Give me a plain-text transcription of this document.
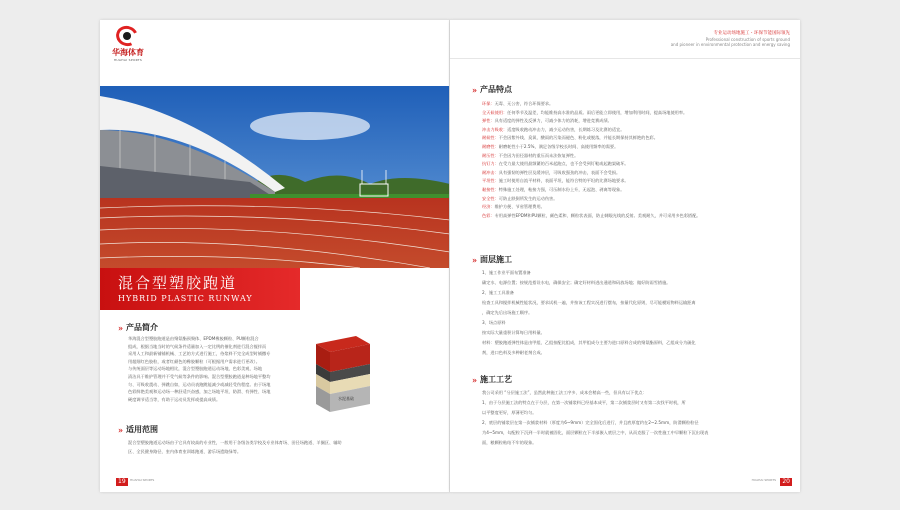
华海体育
HUAHAI SPORTS
混合型塑胶跑道
HYBRID PLASTIC RUNWAY
» 产品简介
华海混合型塑胶跑道是由聚氨酯预聚体、EPDM橡胶颗粒、PU颗粒混合
组成，根据当地当时的气候条件适量加入一定比例的催化剂进行混合搅拌而
采用人工和最新铺铺机械、工艺的方式进行施工，待浆料不完全成型时铺撒专
用超细红色胶粒，或者红颜色的橡胶颗粒（可根据用户需求进行更改）。
与传统面层等运动场地相比，混合型塑胶跑道运动场地，色彩美观、场地
清洁具于维护管理并不受气候等条件的影响。混合型塑胶跑道是种场地平整均
匀、可吸收震动、弹跳自如，运动员表跑跳能减少或减轻受伤程度。由于场地
色彩鲜艳美观和运动场一种舒适兴奋感，加之场地平坦、防滑、有弹性、场地
硬度调节适当等，有助于运动员发挥或提高成绩。	水泥基础
» 适用范围
混合型塑胶跑道运动场由于它具有较高的专业性，一般用于各级各类学校及专业体育场、田径场跑道、羊圈区、辅助
区、全民健身路径、室内体育室训练跑道、游乐场遗路绿等。
19	HUAHAI SPORTS
专业运动场地施工・环保节能国际领先
Professional construction of sports ground
and pioneer in environmental protection and energy saving
» 产品特点
环保：无毒、无公害，符合环保要求。
全天候使用：任何季节及温差，均能维持高水准的品质。雨后更能立即使用，增加利用时间，提高场地使用率。
弹性：具有适度的弹性及反弹力，可减少体力的消耗，增进竞赛成绩。
冲击力吸收：适度吸收跑动冲击力，减少运动伤害，长期练习及比赛的适宜。
耐候性：不会因紫外线、臭氧、酸雨的污染而褪色、粉化或脱落，并能长期保持其鲜艳的色彩。
耐磨性：耐磨耗性小于2.5%，满足各级学校长时间、高使用频率的需要。
耐压性：不会因为田径器材的重压而未法恢复弹性。
抗钉力：在受力最大使用最频繁的百米起跑点，也不会受到钉鞋或起跑架破坏。
耐冲击：具有强韧的弹性层及缓冲层，可吸收强劲的冲击，表面不会受损。
平坦性：施工时使用自流平材料，表面平坦，能符合特的平坦的比赛场地要求。
黏接性：特殊施工处理，粘接力强，可压制水份上升，无起泡、剥离等现象。
安全性：可防止跌倒所发生的运动伤害。
经济：维护方便、节省管理费用。
色彩：专用高弹性EPDM和PU颗粒，颜色柔和、颗粒状表面，防止刺眼光线的反射。美观耐久，并可采用多色彩搭配。
» 面层施工
1、施工作业平面布置准备
确定水、电源位置；按规范搭设水电，确保安全；确定好材料进出通道和码放场地；做好防雨雪措施。
2、施工工具准备
检查工具和搅拌机械性能状况，要求试机一遍，并按该工程实况进行摆布，按量代化原则，尽可能模短物料运输距离
，确定先后出场施工顺序。
3、场点原料
按实际大量重积计算每日用料量。
材料：塑胶跑道弹性体是由甲组、乙组按配比组成，其甲组成分主要为进口原料合成的聚氨酯原料，乙组成分为硫化
剂，进口色料及多种耐老剂合成。
» 施工工艺
我公司采用 “分层施工法”，虽然此种施工法工序多、成本会稍高一些，但具有以下优点：
1、由于分层施工法的特点在于分层，在第一次铺浆料已经基本成平，第二次铺浆层时又有第二次找平时机，所
以平整度更好，厚薄更均匀。
2、底层的铺浆层在第一次铺浆材料（厚度为6~9mm）完全固化后进行，并且底厚度约在2~2.5mm，防滑颗粒粒径
为4~5mm，勾配粒下沉到一半时就被固化，面层颗粒在下半部嵌入底层之中，从而克服了一次性施工中早颗粒下沉出现表
面，粮颗粒粘结不牢的现象。
HUAHAI SPORTS	20
